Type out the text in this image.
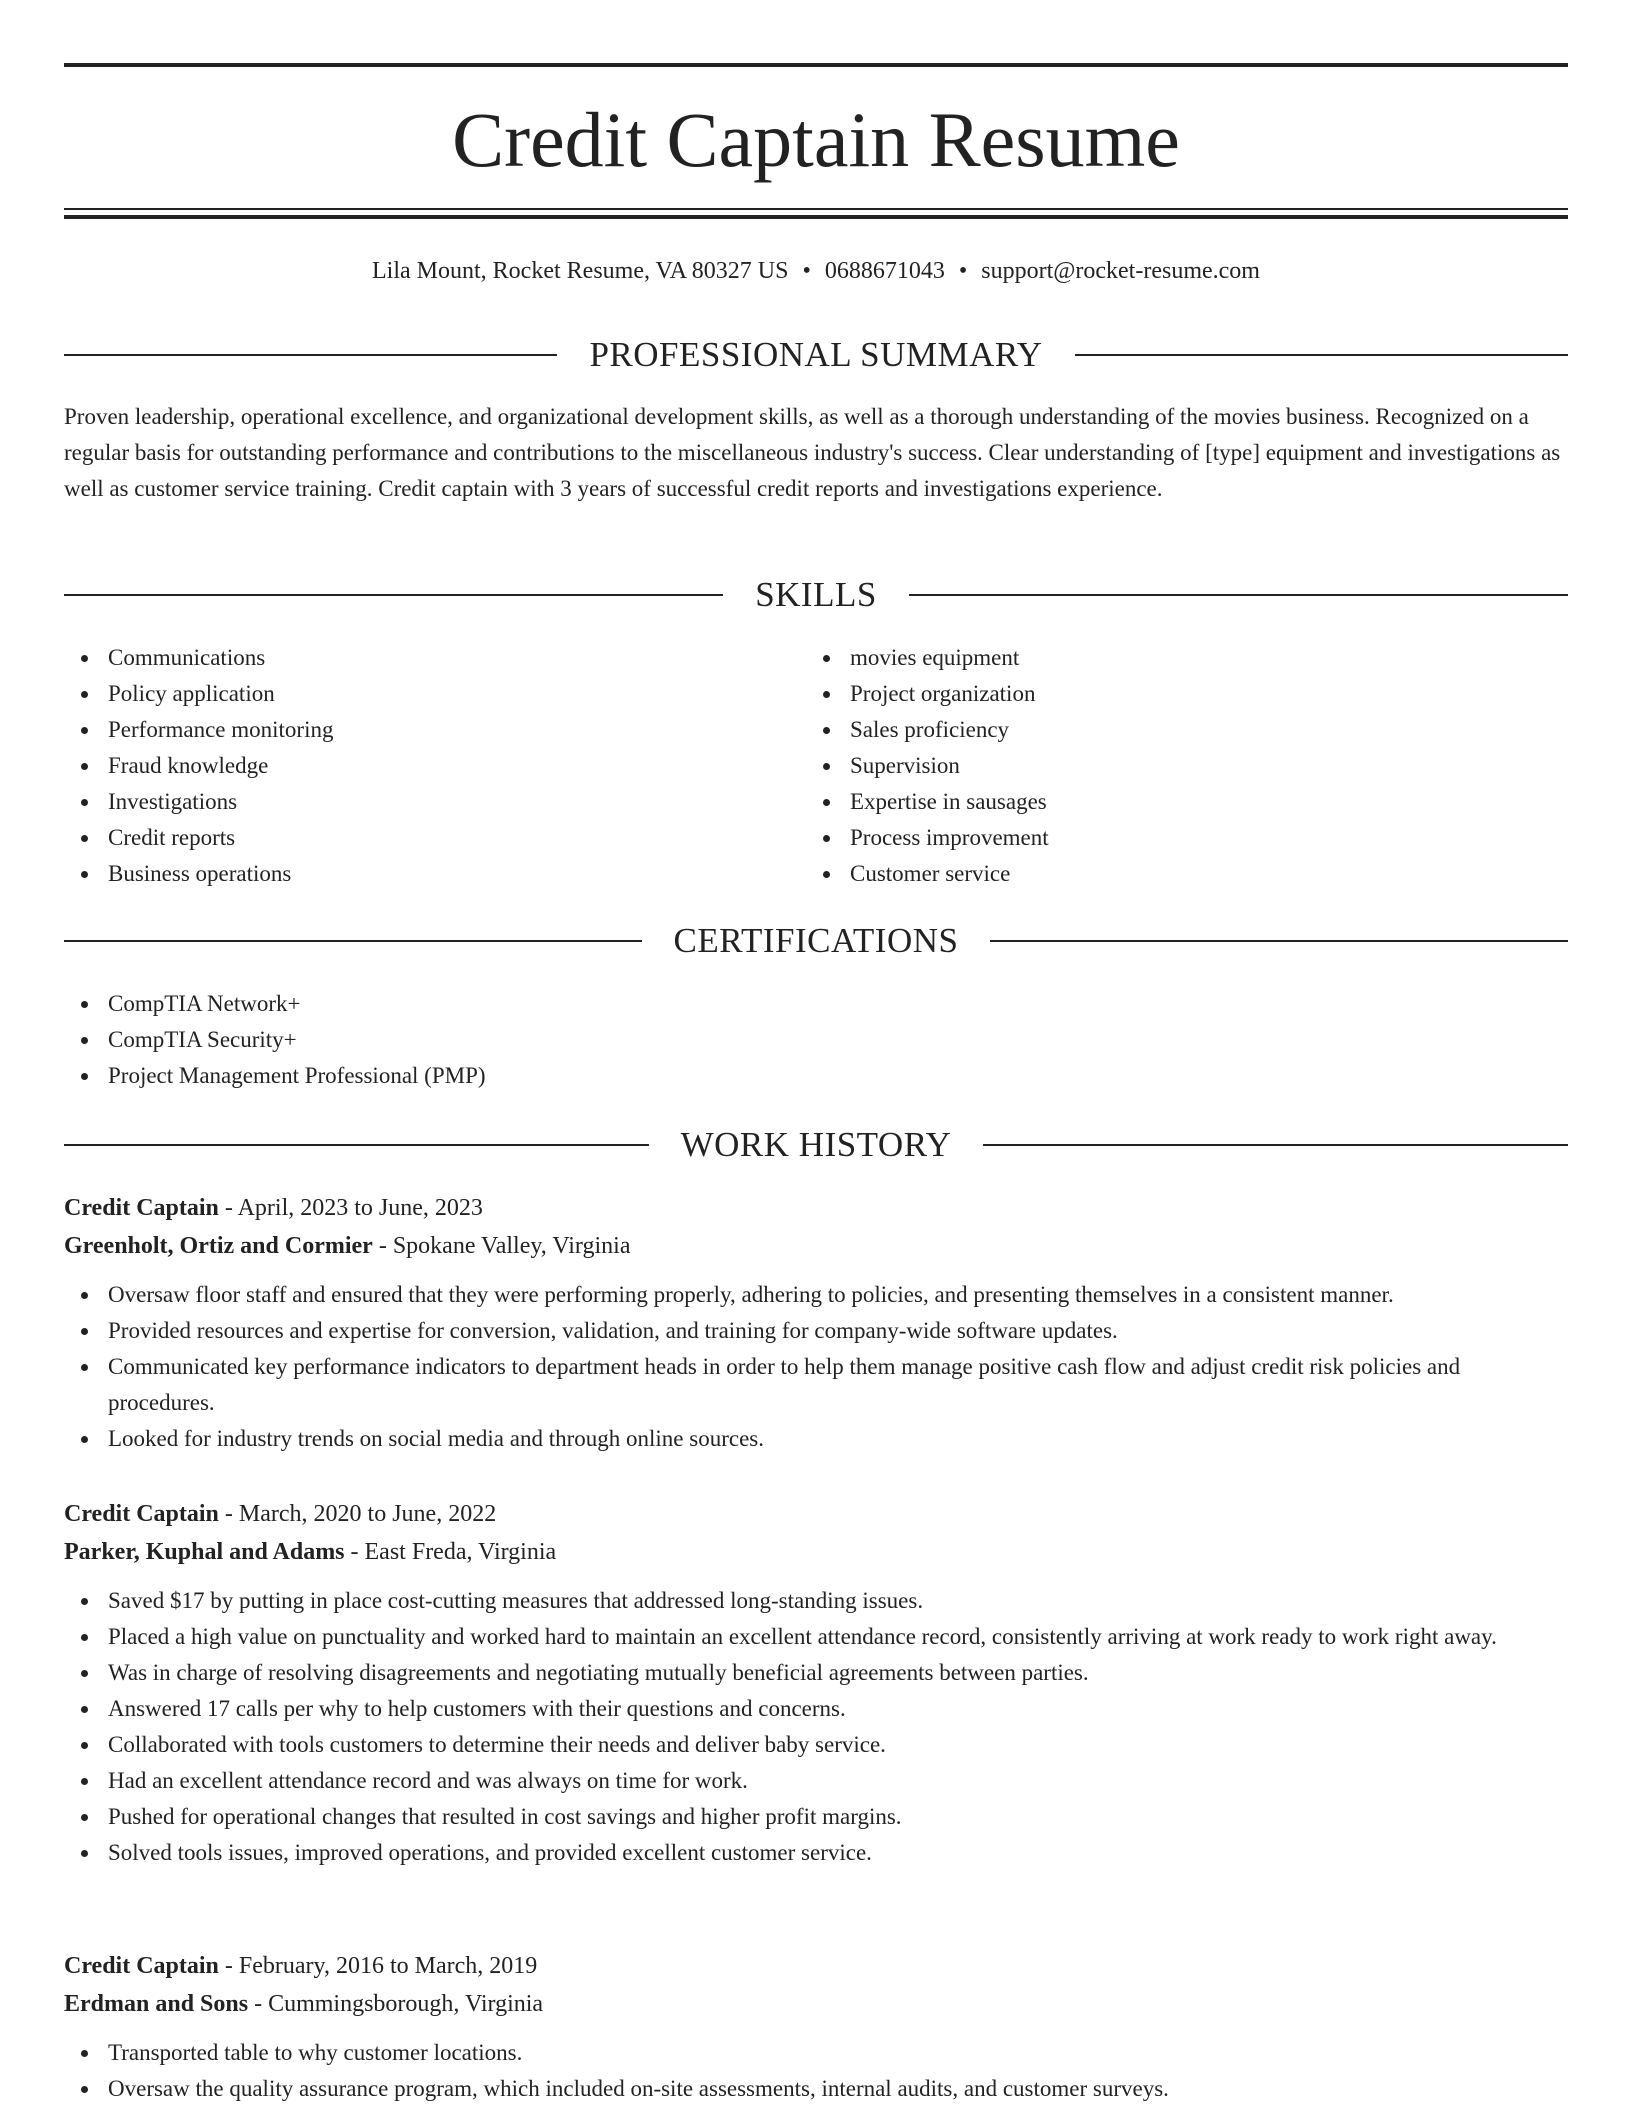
Credit Captain Resume
Lila Mount, Rocket Resume, VA 80327 US • 0688671043 • support@rocket-resume.com
PROFESSIONAL SUMMARY

Proven leadership, operational excellence, and organizational development skills, as well as a thorough understanding of the movies business. Recognized on a regular basis for outstanding performance and contributions to the miscellaneous industry's success. Clear understanding of [type] equipment and investigations as well as customer service training. Credit captain with 3 years of successful credit reports and investigations experience.

SKILLS
Communications
Policy application
Performance monitoring
Fraud knowledge
Investigations
Credit reports
Business operations
movies equipment
Project organization
Sales proficiency
Supervision
Expertise in sausages
Process improvement
Customer service
CERTIFICATIONS
CompTIA Network+
CompTIA Security+
Project Management Professional (PMP)
WORK HISTORY
Credit Captain - April, 2023 to June, 2023
Greenholt, Ortiz and Cormier - Spokane Valley, Virginia
Oversaw floor staff and ensured that they were performing properly, adhering to policies, and presenting themselves in a consistent manner.
Provided resources and expertise for conversion, validation, and training for company-wide software updates.
Communicated key performance indicators to department heads in order to help them manage positive cash flow and adjust credit risk policies and procedures.
Looked for industry trends on social media and through online sources.
Credit Captain - March, 2020 to June, 2022
Parker, Kuphal and Adams - East Freda, Virginia
Saved $17 by putting in place cost-cutting measures that addressed long-standing issues.
Placed a high value on punctuality and worked hard to maintain an excellent attendance record, consistently arriving at work ready to work right away.
Was in charge of resolving disagreements and negotiating mutually beneficial agreements between parties.
Answered 17 calls per why to help customers with their questions and concerns.
Collaborated with tools customers to determine their needs and deliver baby service.
Had an excellent attendance record and was always on time for work.
Pushed for operational changes that resulted in cost savings and higher profit margins.
Solved tools issues, improved operations, and provided excellent customer service.
Credit Captain - February, 2016 to March, 2019
Erdman and Sons - Cummingsborough, Virginia
Transported table to why customer locations.
Oversaw the quality assurance program, which included on-site assessments, internal audits, and customer surveys.
